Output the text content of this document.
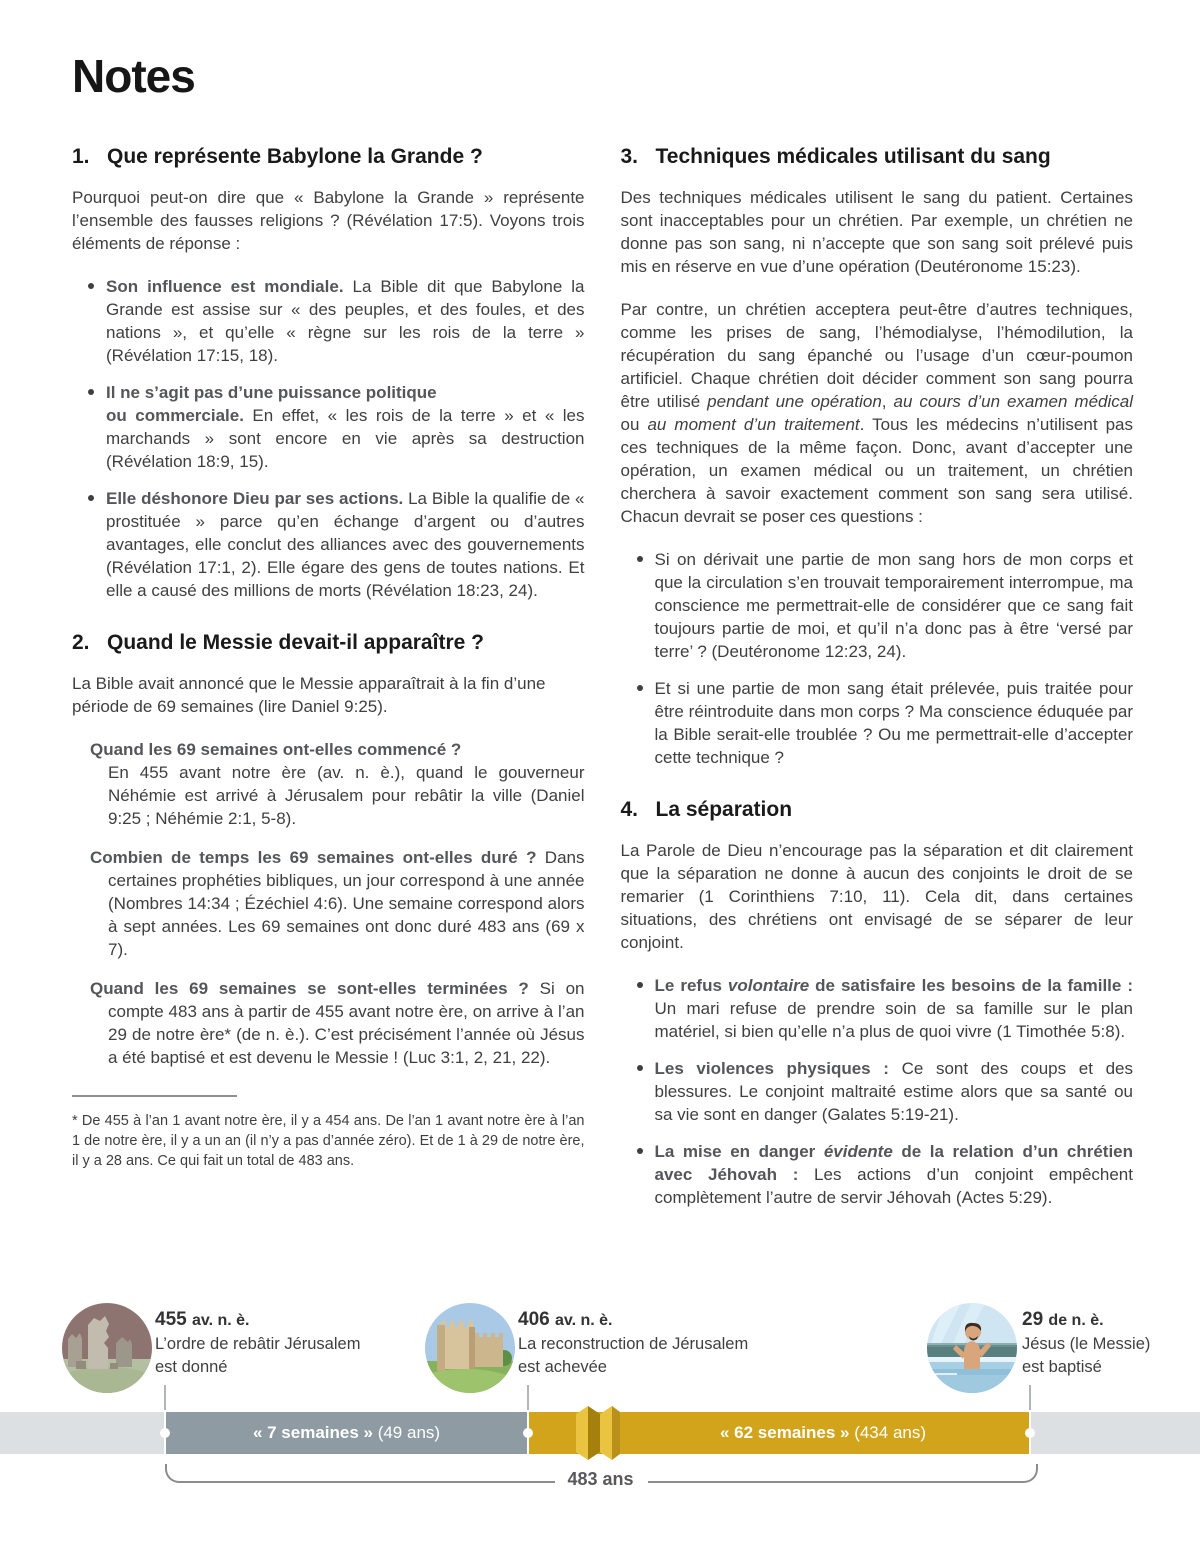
Notes
1. Que représente Babylone la Grande ?

Pourquoi peut-on dire que « Babylone la Grande » représente l’ensemble des fausses religions ? (Révélation 17:5). Voyons trois éléments de réponse :

Son influence est mondiale. La Bible dit que Babylone la Grande est assise sur « des peuples, et des foules, et des nations », et qu’elle « règne sur les rois de la terre » (Révélation 17:15, 18).
Il ne s’agit pas d’une puissance politique
ou commerciale. En effet, « les rois de la terre » et « les marchands » sont encore en vie après sa destruction (Révélation 18:9, 15).
Elle déshonore Dieu par ses actions. La Bible la qualifie de « prostituée » parce qu’en échange d’argent ou d’autres avantages, elle conclut des alliances avec des gouvernements (Révélation 17:1, 2). Elle égare des gens de toutes nations. Et elle a causé des millions de morts (Révélation 18:23, 24).
2. Quand le Messie devait-il apparaître ?

La Bible avait annoncé que le Messie apparaîtrait à la fin d’une période de 69 semaines (lire Daniel 9:25).

Quand les 69 semaines ont-elles commencé ?
En 455 avant notre ère (av. n. è.), quand le gouverneur Néhémie est arrivé à Jérusalem pour rebâtir la ville (Daniel 9:25 ; Néhémie 2:1, 5-8).
Combien de temps les 69 semaines ont-elles duré ? Dans certaines prophéties bibliques, un jour correspond à une année (Nombres 14:34 ; Ézéchiel 4:6). Une semaine correspond alors à sept années. Les 69 semaines ont donc duré 483 ans (69 x 7).
Quand les 69 semaines se sont-elles terminées ? Si on compte 483 ans à partir de 455 avant notre ère, on arrive à l’an 29 de notre ère* (de n. è.). C’est précisément l’année où Jésus a été baptisé et est devenu le Messie ! (Luc 3:1, 2, 21, 22).

* De 455 à l’an 1 avant notre ère, il y a 454 ans. De l’an 1 avant notre ère à l’an 1 de notre ère, il y a un an (il n’y a pas d’année zéro). Et de 1 à 29 de notre ère, il y a 28 ans. Ce qui fait un total de 483 ans.

3. Techniques médicales utilisant du sang

Des techniques médicales utilisent le sang du patient. Certaines sont inacceptables pour un chrétien. Par exemple, un chrétien ne donne pas son sang, ni n’accepte que son sang soit prélevé puis mis en réserve en vue d’une opération (Deutéronome 15:23).

Par contre, un chrétien acceptera peut-être d’autres techniques, comme les prises de sang, l’hémodialyse, l’hémodilution, la récupération du sang épanché ou l’usage d’un cœur-poumon artificiel. Chaque chrétien doit décider comment son sang pourra être utilisé pendant une opération, au cours d’un examen médical ou au moment d’un traitement. Tous les médecins n’utilisent pas ces techniques de la même façon. Donc, avant d’accepter une opération, un examen médical ou un traitement, un chrétien cherchera à savoir exactement comment son sang sera utilisé. Chacun devrait se poser ces questions :

Si on dérivait une partie de mon sang hors de mon corps et que la circulation s’en trouvait temporairement interrompue, ma conscience me permettrait-elle de considérer que ce sang fait toujours partie de moi, et qu’il n’a donc pas à être ‘versé par terre’ ? (Deutéronome 12:23, 24).
Et si une partie de mon sang était prélevée, puis traitée pour être réintroduite dans mon corps ? Ma conscience éduquée par la Bible serait-elle troublée ? Ou me permettrait-elle d’accepter cette technique ?
4. La séparation

La Parole de Dieu n’encourage pas la séparation et dit clairement que la séparation ne donne à aucun des conjoints le droit de se remarier (1 Corinthiens 7:10, 11). Cela dit, dans certaines situations, des chrétiens ont envisagé de se séparer de leur conjoint.

Le refus volontaire de satisfaire les besoins de la famille : Un mari refuse de prendre soin de sa famille sur le plan matériel, si bien qu’elle n’a plus de quoi vivre (1 Timothée 5:8).
Les violences physiques : Ce sont des coups et des blessures. Le conjoint maltraité estime alors que sa santé ou sa vie sont en danger (Galates 5:19-21).
La mise en danger évidente de la relation d’un chrétien avec Jéhovah : Les actions d’un conjoint empêchent complètement l’autre de servir Jéhovah (Actes 5:29).
455 av. n. è.
L’ordre de rebâtir Jérusalem
est donné
406 av. n. è.
La reconstruction de Jérusalem
est achevée
29 de n. è.
Jésus (le Messie)
est baptisé
« 7 semaines » (49 ans)	« 62 semaines » (434 ans)
483 ans
